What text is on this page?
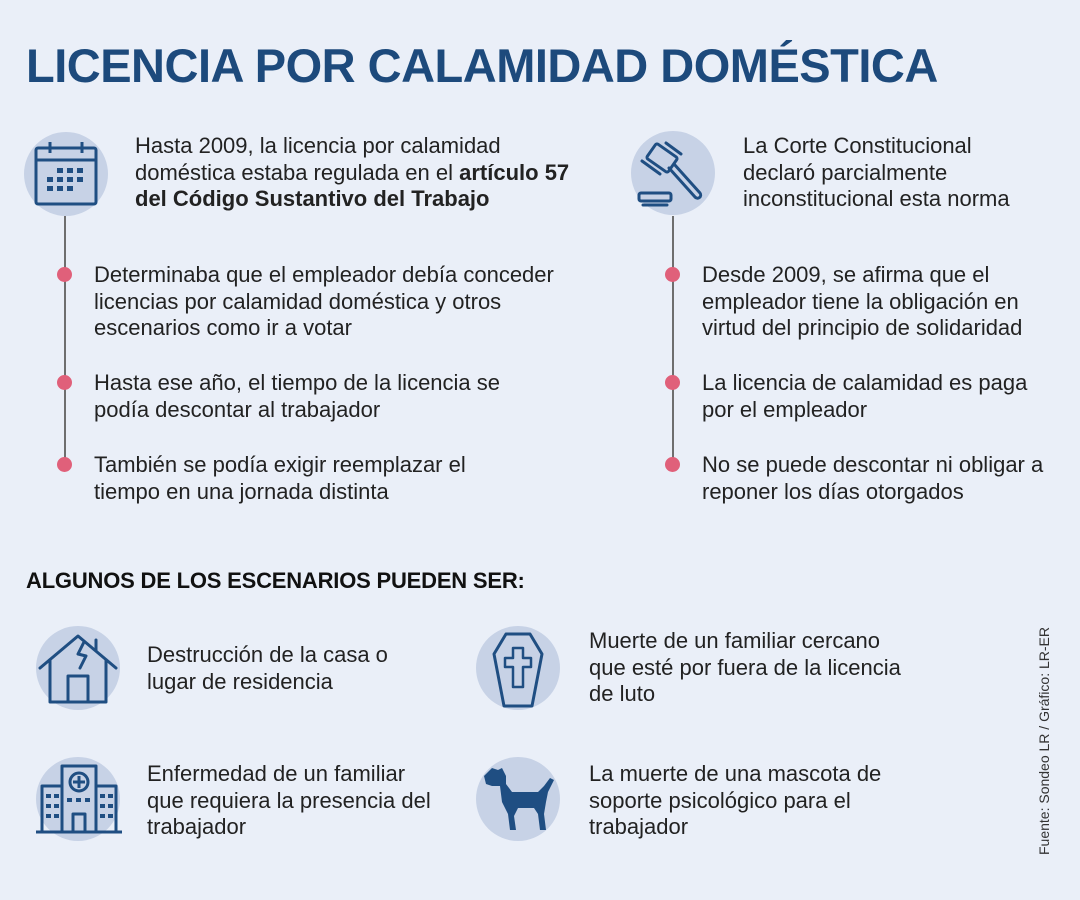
LICENCIA POR CALAMIDAD DOMÉSTICA
Hasta 2009, la licencia por calamidad doméstica estaba regulada en el artículo 57 del Código Sustantivo del Trabajo
Determinaba que el empleador debía conceder licencias por calamidad doméstica y otros escenarios como ir a votar
Hasta ese año, el tiempo de la licencia se podía descontar al trabajador
También se podía exigir reemplazar el tiempo en una jornada distinta
La Corte Constitucional declaró parcialmente inconstitucional esta norma
Desde 2009, se afirma que el empleador tiene la obligación en virtud del principio de solidaridad
La licencia de calamidad es paga por el empleador
No se puede descontar ni obligar a reponer los días otorgados
ALGUNOS DE LOS ESCENARIOS PUEDEN SER:
Destrucción de la casa o lugar de residencia
Muerte de un familiar cercano que esté por fuera de la licencia de luto
Enfermedad de un familiar que requiera la presencia del trabajador
La muerte de una mascota de soporte psicológico para el trabajador	Fuente: Sondeo LR / Gráfico: LR-ER
